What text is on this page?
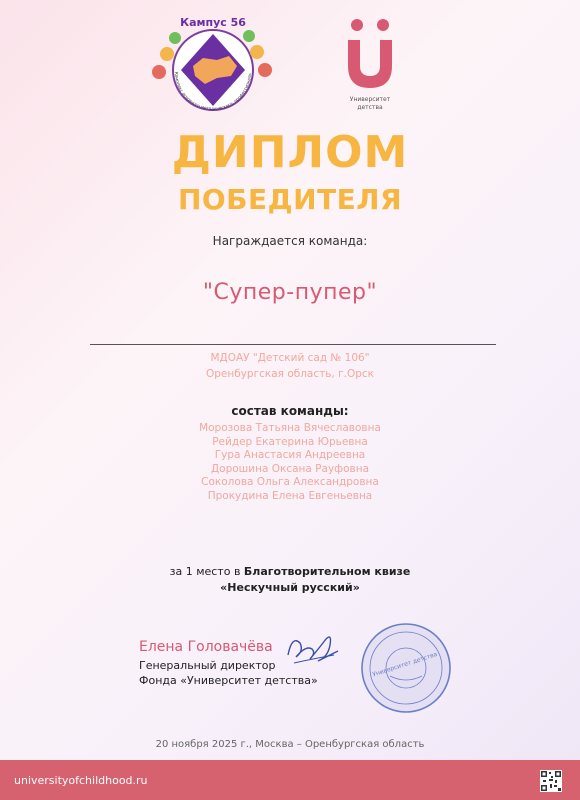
Кампус 56
Комплекс основного методического, профессиональ
Университет
детства
ДИПЛОМ
ПОБЕДИТЕЛЯ
Награждается команда:
"Супер-пупер"
МДОАУ "Детский сад № 106"
Оренбургская область, г.Орск
состав команды:
Морозова Татьяна Вячеславовна
Рейдер Екатерина Юрьевна
Гура Анастасия Андреевна
Дорошина Оксана Рауфовна
Соколова Ольга Александровна
Прокудина Елена Евгеньевна
за 1 место в Благотворительном квизе
«Нескучный русский»
Елена Головачёва
Генеральный директор
Фонда «Университет детства»
Университет детства
20 ноября 2025 г., Москва – Оренбургская область
universityofchildhood.ru
